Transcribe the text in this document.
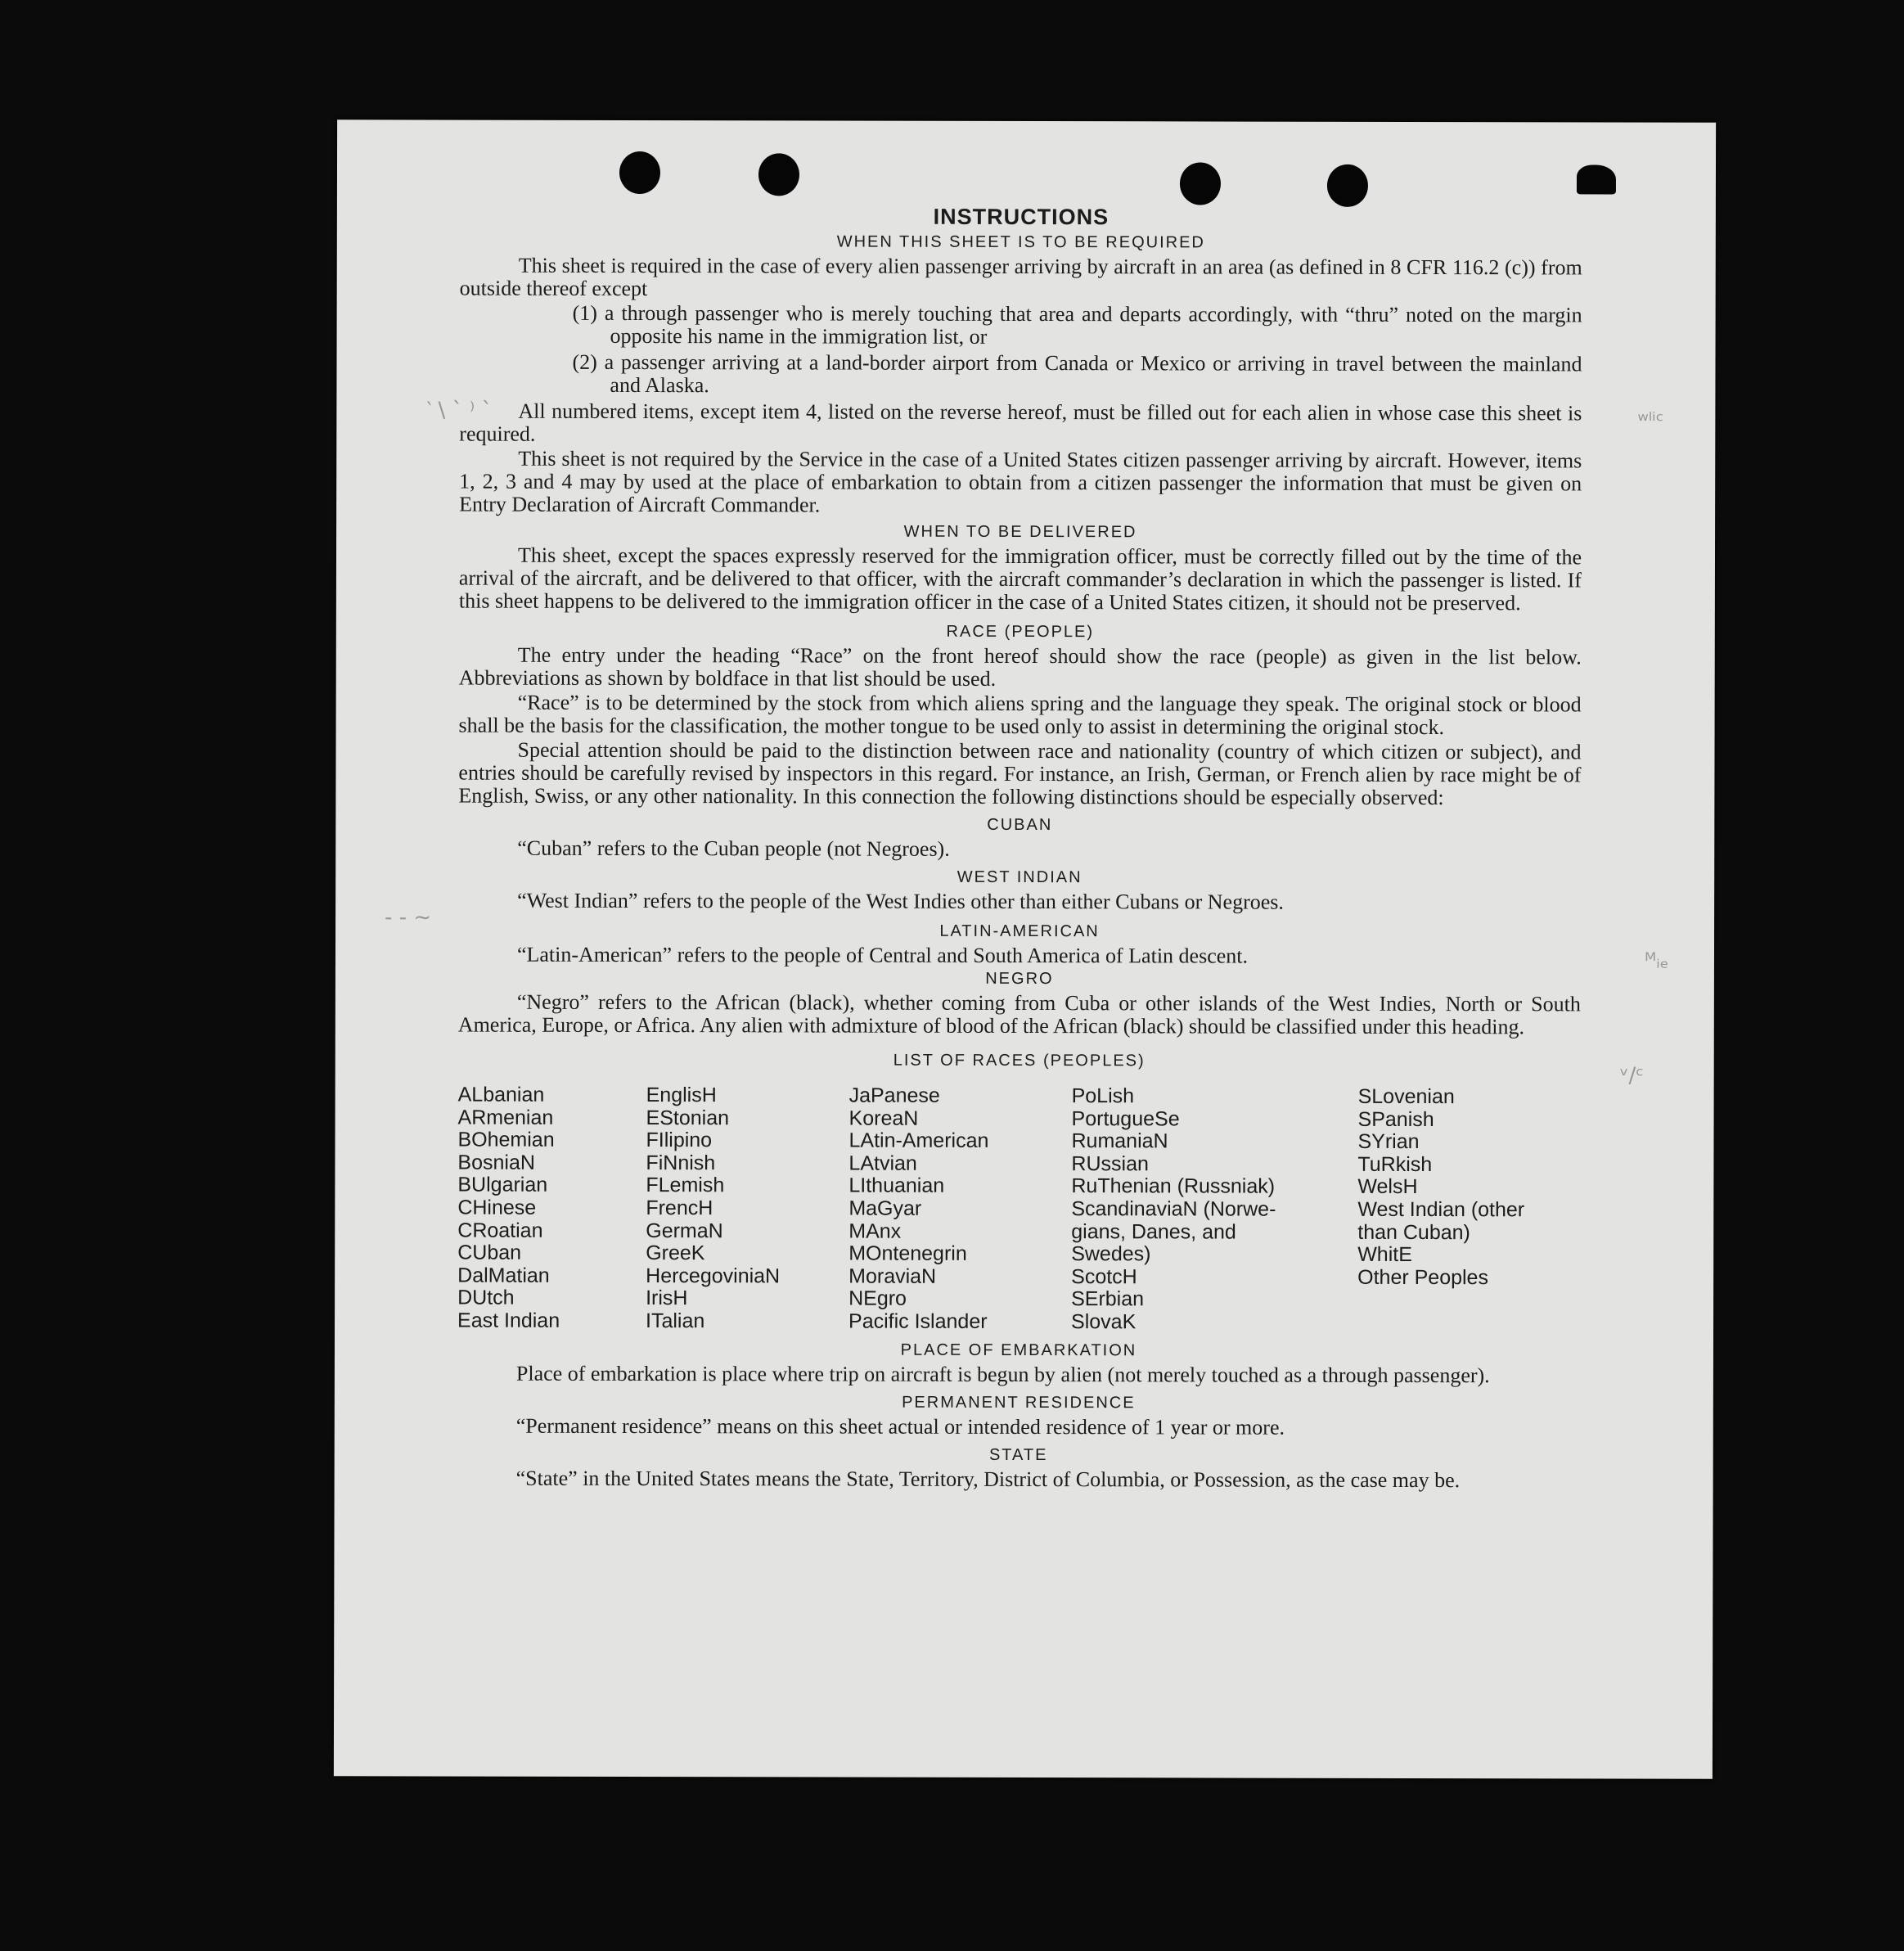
‵ \ ` ⁾ `	ʷˡⁱᶜ
ᴹᵢₑ
ᵛ/ᶜ
‑ ‑ ~
INSTRUCTIONS
WHEN THIS SHEET IS TO BE REQUIRED

This sheet is required in the case of every alien passenger arriving by aircraft in an area (as defined in 8 CFR 116.2 (c)) from outside thereof except

(1) a through passenger who is merely touching that area and departs accordingly, with “thru” noted on the margin opposite his name in the immigration list, or

(2) a passenger arriving at a land-border airport from Canada or Mexico or arriving in travel between the mainland and Alaska.

All numbered items, except item 4, listed on the reverse hereof, must be filled out for each alien in whose case this sheet is required.

This sheet is not required by the Service in the case of a United States citizen passenger arriving by aircraft. However, items 1, 2, 3 and 4 may by used at the place of embarkation to obtain from a citizen passenger the information that must be given on Entry Declaration of Aircraft Commander.

WHEN TO BE DELIVERED

This sheet, except the spaces expressly reserved for the immigration officer, must be correctly filled out by the time of the arrival of the aircraft, and be delivered to that officer, with the aircraft commander’s declaration in which the passenger is listed. If this sheet happens to be delivered to the immigration officer in the case of a United States citizen, it should not be preserved.

RACE (PEOPLE)

The entry under the heading “Race” on the front hereof should show the race (people) as given in the list below. Abbreviations as shown by boldface in that list should be used.

“Race” is to be determined by the stock from which aliens spring and the language they speak. The original stock or blood shall be the basis for the classification, the mother tongue to be used only to assist in determining the original stock.

Special attention should be paid to the distinction between race and nationality (country of which citizen or subject), and entries should be carefully revised by inspectors in this regard. For instance, an Irish, German, or French alien by race might be of English, Swiss, or any other nationality. In this connection the following distinctions should be especially observed:

CUBAN

“Cuban” refers to the Cuban people (not Negroes).

WEST INDIAN

“West Indian” refers to the people of the West Indies other than either Cubans or Negroes.

LATIN-AMERICAN

“Latin-American” refers to the people of Central and South America of Latin descent.

NEGRO

“Negro” refers to the African (black), whether coming from Cuba or other islands of the West Indies, North or South America, Europe, or Africa. Any alien with admixture of blood of the African (black) should be classified under this heading.

LIST OF RACES (PEOPLES)
ALbanian
ARmenian
BOhemian
BosniaN
BUlgarian
CHinese
CRoatian
CUban
DalMatian
DUtch
East Indian
EnglisH
EStonian
FIlipino
FiNnish
FLemish
FrencH
GermaN
GreeK
HercegoviniaN
IrisH
ITalian
JaPanese
KoreaN
LAtin-American
LAtvian
LIthuanian
MaGyar
MAnx
MOntenegrin
MoraviaN
NEgro
Pacific Islander
PoLish
PortugueSe
RumaniaN
RUssian
RuThenian (Russniak)
ScandinaviaN (Norwe-
gians, Danes, and
Swedes)
ScotcH
SErbian
SlovaK
SLovenian
SPanish
SYrian
TuRkish
WelsH
West Indian (other
than Cuban)
WhitE
Other Peoples
PLACE OF EMBARKATION

Place of embarkation is place where trip on aircraft is begun by alien (not merely touched as a through passenger).

PERMANENT RESIDENCE

“Permanent residence” means on this sheet actual or intended residence of 1 year or more.

STATE

“State” in the United States means the State, Territory, District of Columbia, or Possession, as the case may be.
